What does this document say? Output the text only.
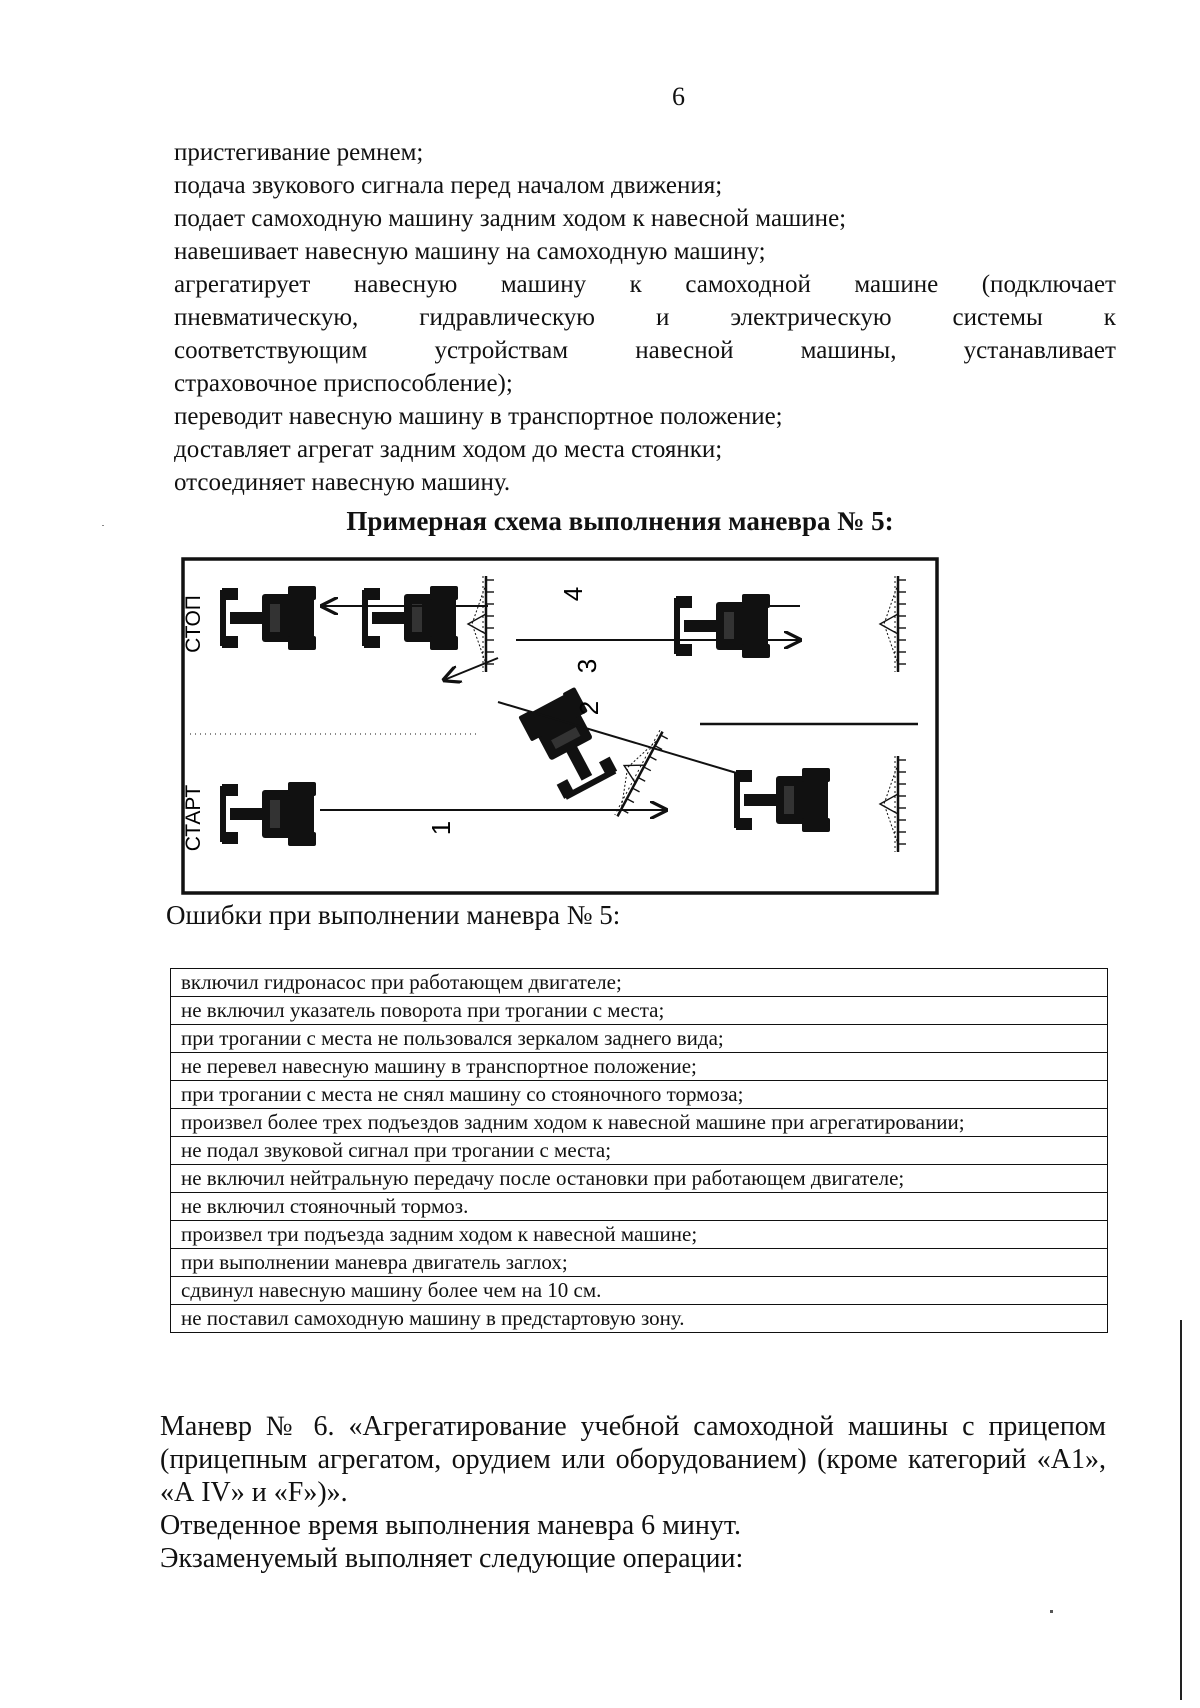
6

пристегивание ремнем;

подача звукового сигнала перед началом движения;

подает самоходную машину задним ходом к навесной машине;

навешивает навесную машину на самоходную машину;

агрегатирует навесную машину к самоходной машине (подключает
пневматическую, гидравлическую и электрическую системы к
соответствующим	устройствам	навесной	машины,	устанавливает
страховочное приспособление);

переводит навесную машину в транспортное положение;

доставляет агрегат задним ходом до места стоянки;

отсоединяет навесную машину.

Примерная схема выполнения маневра № 5:
СТОП
СТАРТ	1
2
3
4
Ошибки при выполнении маневра № 5:
включил гидронасос при работающем двигателе;
не включил указатель поворота при трогании с места;
при трогании с места не пользовался зеркалом заднего вида;
не перевел навесную машину в транспортное положение;
при трогании с места не снял машину со стояночного тормоза;
произвел более трех подъездов задним ходом к навесной машине при агрегатировании;
не подал звуковой сигнал при трогании с места;
не включил нейтральную передачу после остановки при работающем двигателе;
не включил стояночный тормоз.
произвел три подъезда задним ходом к навесной машине;
при выполнении маневра двигатель заглох;
сдвинул навесную машину более чем на 10 см.
не поставил самоходную машину в предстартовую зону.

Маневр № 6. «Агрегатирование учебной самоходной машины с прицепом (прицепным агрегатом, орудием или оборудованием) (кроме категорий «А1», «А IV» и «F»)».

Отведенное время выполнения маневра 6 минут.

Экзаменуемый выполняет следующие операции:
